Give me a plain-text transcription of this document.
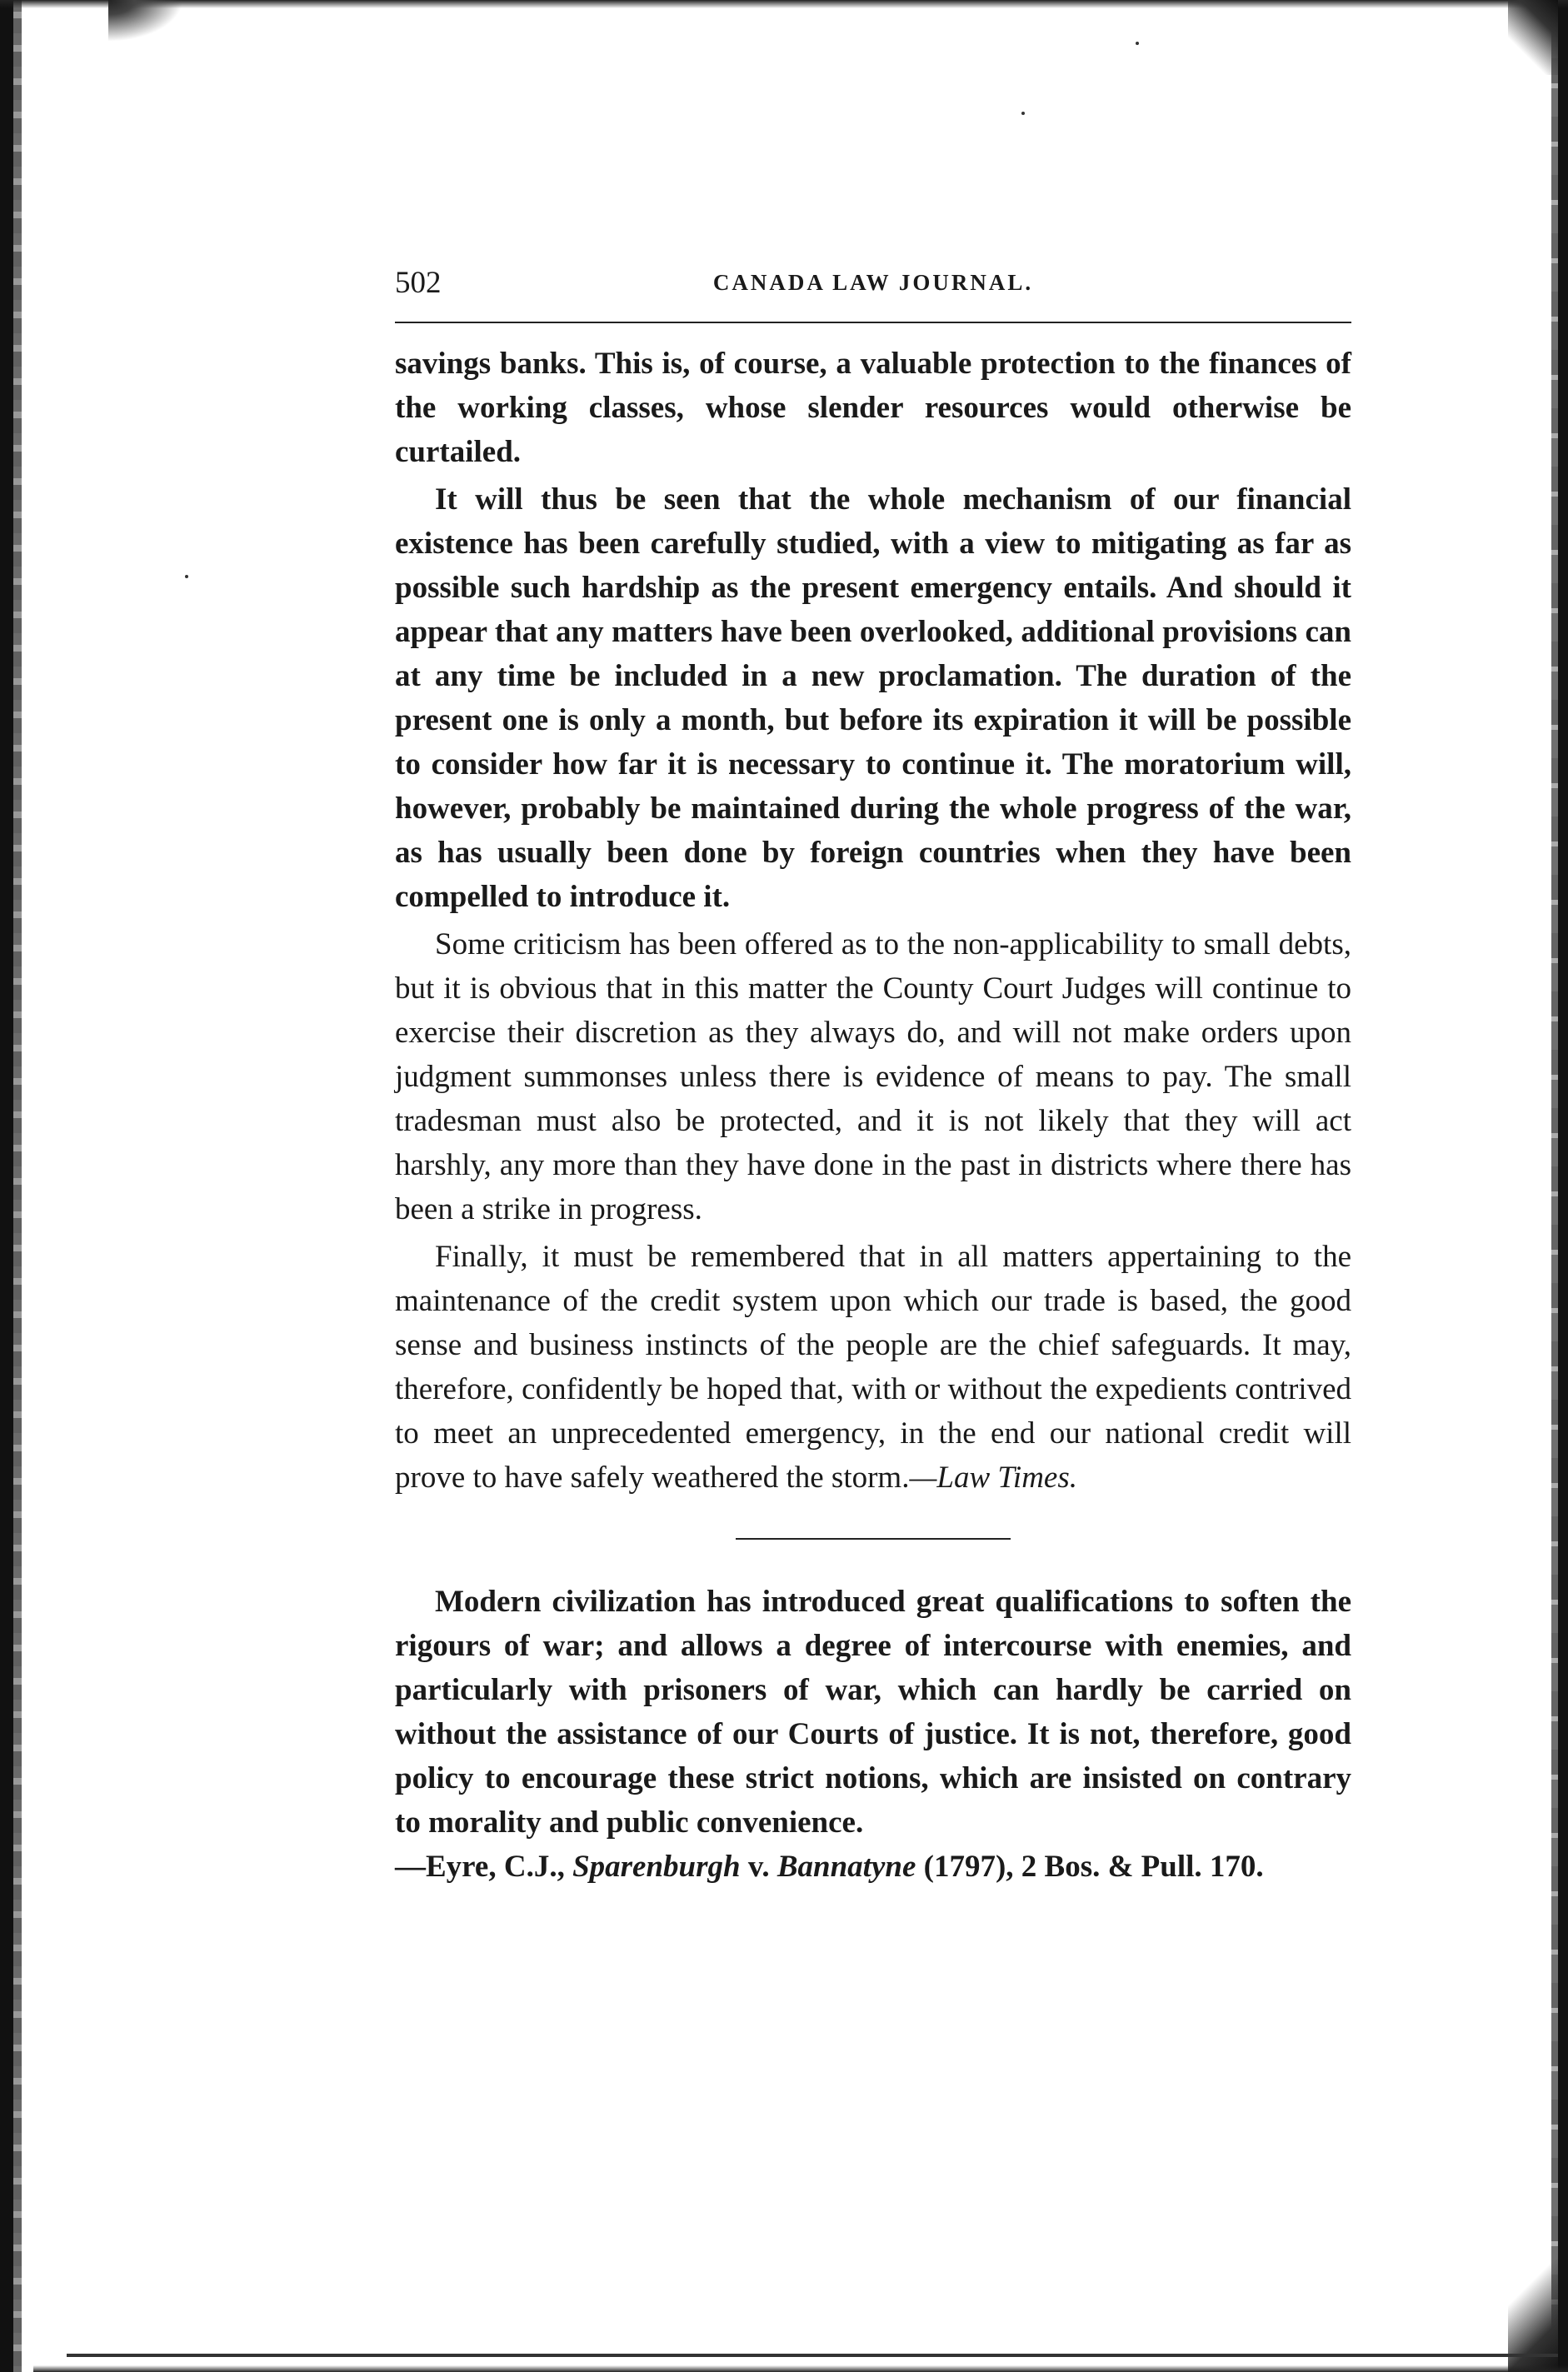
502	CANADA LAW JOURNAL.

savings banks. This is, of course, a valuable protection to the finances of the working classes, whose slender resources would otherwise be curtailed.

It will thus be seen that the whole mechanism of our financial existence has been carefully studied, with a view to mitigating as far as possible such hardship as the present emergency entails. And should it appear that any matters have been overlooked, additional provisions can at any time be included in a new proclamation. The duration of the present one is only a month, but before its expiration it will be possible to consider how far it is necessary to continue it. The moratorium will, however, probably be maintained during the whole progress of the war, as has usually been done by foreign countries when they have been compelled to introduce it.

Some criticism has been offered as to the non-applicability to small debts, but it is obvious that in this matter the County Court Judges will continue to exercise their discretion as they always do, and will not make orders upon judgment summonses unless there is evidence of means to pay. The small tradesman must also be protected, and it is not likely that they will act harshly, any more than they have done in the past in districts where there has been a strike in progress.

Finally, it must be remembered that in all matters appertaining to the maintenance of the credit system upon which our trade is based, the good sense and business instincts of the people are the chief safeguards. It may, therefore, confidently be hoped that, with or without the expedients contrived to meet an unprecedented emergency, in the end our national credit will prove to have safely weathered the storm.—Law Times.

Modern civilization has introduced great qualifications to soften the rigours of war; and allows a degree of intercourse with enemies, and particularly with prisoners of war, which can hardly be carried on without the assistance of our Courts of justice. It is not, therefore, good policy to encourage these strict notions, which are insisted on contrary to morality and public convenience.

—Eyre, C.J., Sparenburgh v. Bannatyne (1797), 2 Bos. & Pull. 170.
